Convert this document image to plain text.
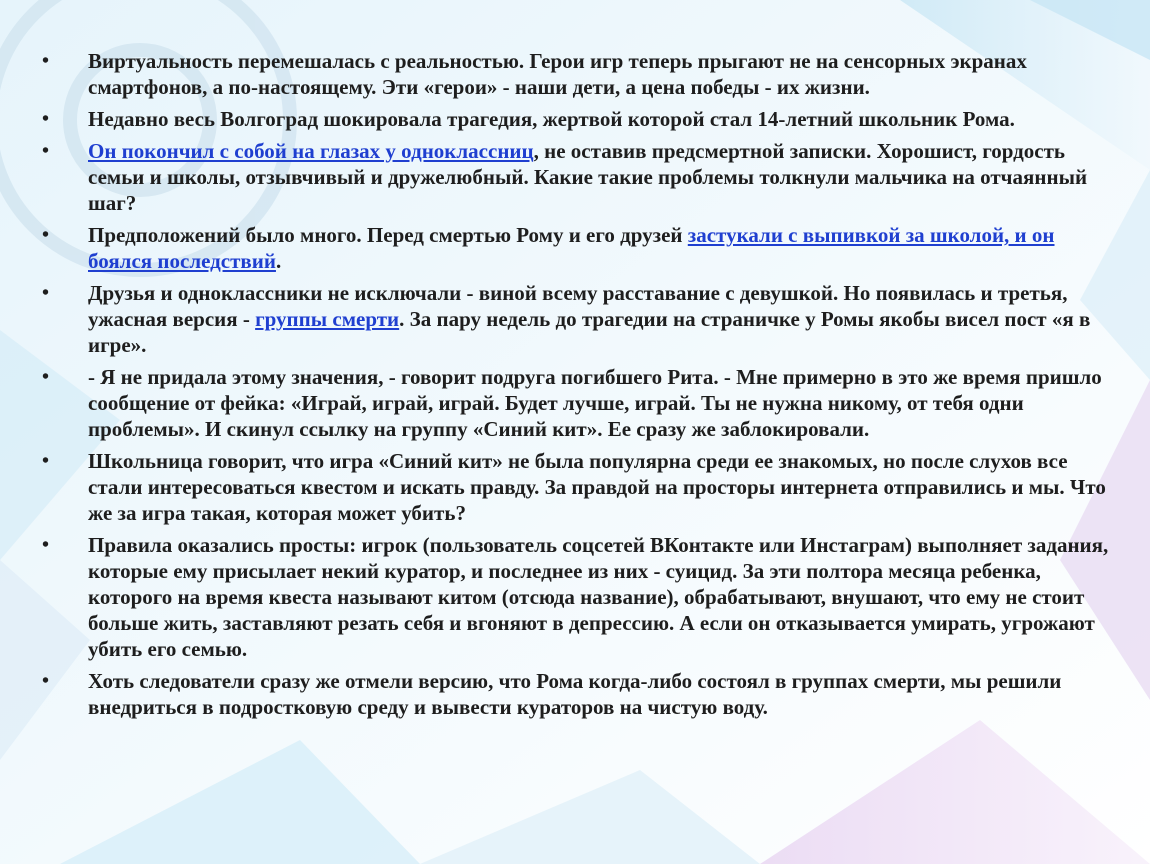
• Виртуальность перемешалась с реальностью. Герои игр теперь прыгают не на сенсорных экранах смартфонов, а по-настоящему. Эти «герои» - наши дети, а цена победы - их жизни.
• Недавно весь Волгоград шокировала трагедия, жертвой которой стал 14-летний школьник Рома.
• Он покончил с собой на глазах у одноклассниц, не оставив предсмертной записки. Хорошист, гордость семьи и школы, отзывчивый и дружелюбный. Какие такие проблемы толкнули мальчика на отчаянный шаг?
• Предположений было много. Перед смертью Рому и его друзей застукали с выпивкой за школой, и он боялся последствий.
• Друзья и одноклассники не исключали - виной всему расставание с девушкой. Но появилась и третья, ужасная версия - группы смерти. За пару недель до трагедии на страничке у Ромы якобы висел пост «я в игре».
• - Я не придала этому значения, - говорит подруга погибшего Рита. - Мне примерно в это же время пришло сообщение от фейка: «Играй, играй, играй. Будет лучше, играй. Ты не нужна никому, от тебя одни проблемы». И скинул ссылку на группу «Синий кит». Ее сразу же заблокировали.
• Школьница говорит, что игра «Синий кит» не была популярна среди ее знакомых, но после слухов все стали интересоваться квестом и искать правду. За правдой на просторы интернета отправились и мы. Что же за игра такая, которая может убить?
• Правила оказались просты: игрок (пользователь соцсетей ВКонтакте или Инстаграм) выполняет задания, которые ему присылает некий куратор, и последнее из них - суицид. За эти полтора месяца ребенка, которого на время квеста называют китом (отсюда название), обрабатывают, внушают, что ему не стоит больше жить, заставляют резать себя и вгоняют в депрессию. А если он отказывается умирать, угрожают убить его семью.
• Хоть следователи сразу же отмели версию, что Рома когда-либо состоял в группах смерти, мы решили внедриться в подростковую среду и вывести кураторов на чистую воду.
